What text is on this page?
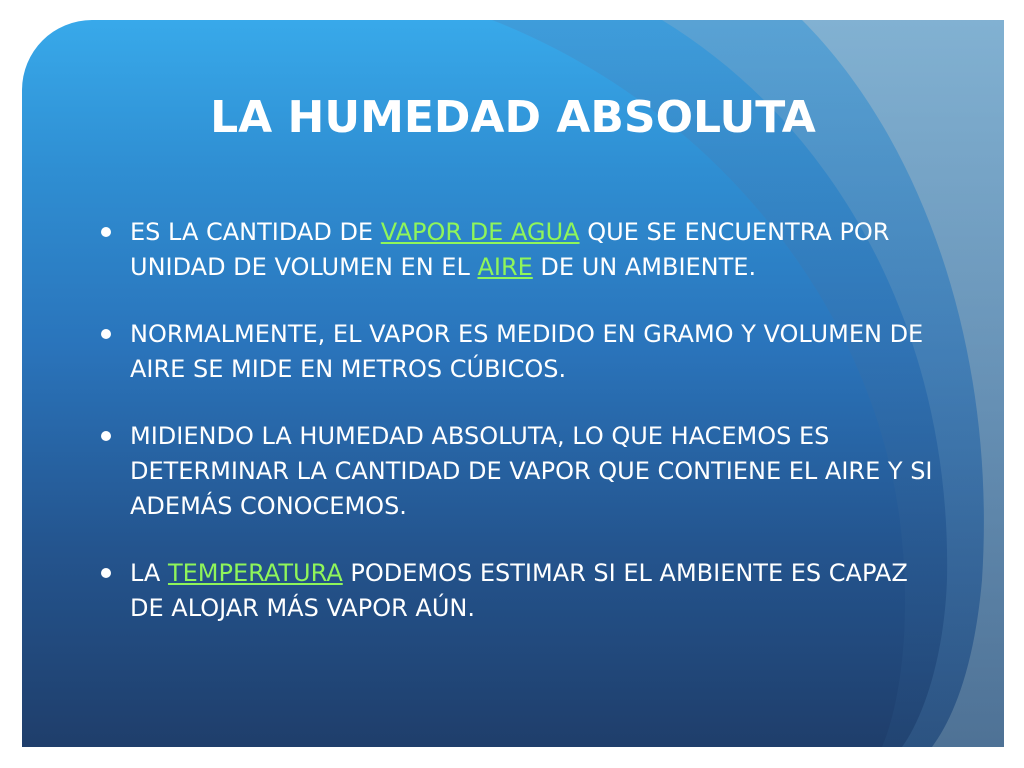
LA HUMEDAD ABSOLUTA
ES LA CANTIDAD DE VAPOR DE AGUA QUE SE ENCUENTRA POR UNIDAD DE VOLUMEN EN EL AIRE DE UN AMBIENTE.
NORMALMENTE, EL VAPOR ES MEDIDO EN GRAMO Y VOLUMEN DE AIRE SE MIDE EN METROS CÚBICOS.
MIDIENDO LA HUMEDAD ABSOLUTA, LO QUE HACEMOS ES DETERMINAR LA CANTIDAD DE VAPOR QUE CONTIENE EL AIRE Y SI ADEMÁS CONOCEMOS.
LA TEMPERATURA PODEMOS ESTIMAR SI EL AMBIENTE ES CAPAZ DE ALOJAR MÁS VAPOR AÚN.
